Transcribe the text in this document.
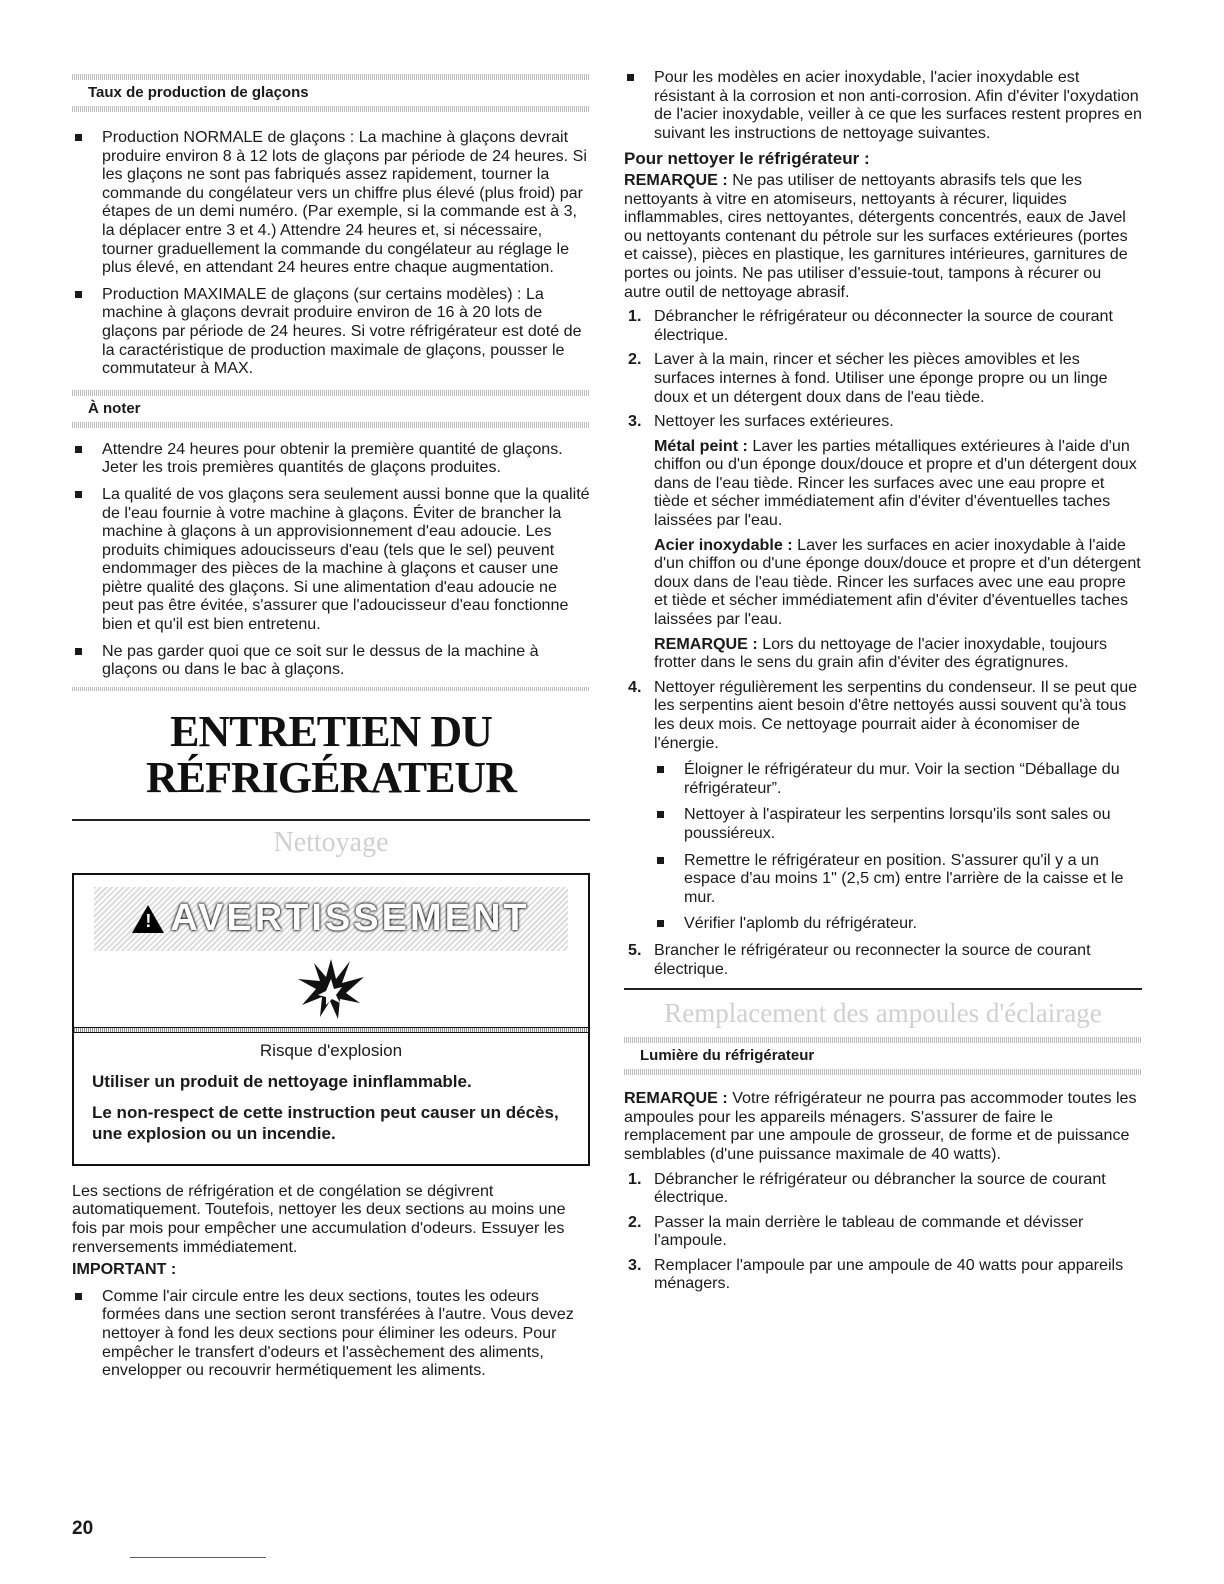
Taux de production de glaçons
Production NORMALE de glaçons : La machine à glaçons devrait produire environ 8 à 12 lots de glaçons par période de 24 heures. Si les glaçons ne sont pas fabriqués assez rapidement, tourner la commande du congélateur vers un chiffre plus élevé (plus froid) par étapes de un demi numéro. (Par exemple, si la commande est à 3, la déplacer entre 3 et 4.) Attendre 24 heures et, si nécessaire, tourner graduellement la commande du congélateur au réglage le plus élevé, en attendant 24 heures entre chaque augmentation.
Production MAXIMALE de glaçons (sur certains modèles) : La machine à glaçons devrait produire environ de 16 à 20 lots de glaçons par période de 24 heures. Si votre réfrigérateur est doté de la caractéristique de production maximale de glaçons, pousser le commutateur à MAX.
À noter
Attendre 24 heures pour obtenir la première quantité de glaçons. Jeter les trois premières quantités de glaçons produites.
La qualité de vos glaçons sera seulement aussi bonne que la qualité de l'eau fournie à votre machine à glaçons. Éviter de brancher la machine à glaçons à un approvisionnement d'eau adoucie. Les produits chimiques adoucisseurs d'eau (tels que le sel) peuvent endommager des pièces de la machine à glaçons et causer une piètre qualité des glaçons. Si une alimentation d'eau adoucie ne peut pas être évitée, s'assurer que l'adoucisseur d'eau fonctionne bien et qu'il est bien entretenu.
Ne pas garder quoi que ce soit sur le dessus de la machine à glaçons ou dans le bac à glaçons.
ENTRETIEN DU
RÉFRIGÉRATEUR
Nettoyage
! AVERTISSEMENT
Risque d'explosion
Utiliser un produit de nettoyage ininflammable.
Le non-respect de cette instruction peut causer un décès, une explosion ou un incendie.

Les sections de réfrigération et de congélation se dégivrent automatiquement. Toutefois, nettoyer les deux sections au moins une fois par mois pour empêcher une accumulation d'odeurs. Essuyer les renversements immédiatement.

IMPORTANT :

Comme l'air circule entre les deux sections, toutes les odeurs formées dans une section seront transférées à l'autre. Vous devez nettoyer à fond les deux sections pour éliminer les odeurs. Pour empêcher le transfert d'odeurs et l'assèchement des aliments, envelopper ou recouvrir hermétiquement les aliments.
Pour les modèles en acier inoxydable, l'acier inoxydable est résistant à la corrosion et non anti-corrosion. Afin d'éviter l'oxydation de l'acier inoxydable, veiller à ce que les surfaces restent propres en suivant les instructions de nettoyage suivantes.

Pour nettoyer le réfrigérateur :

REMARQUE : Ne pas utiliser de nettoyants abrasifs tels que les nettoyants à vitre en atomiseurs, nettoyants à récurer, liquides inflammables, cires nettoyantes, détergents concentrés, eaux de Javel ou nettoyants contenant du pétrole sur les surfaces extérieures (portes et caisse), pièces en plastique, les garnitures intérieures, garnitures de portes ou joints. Ne pas utiliser d'essuie-tout, tampons à récurer ou autre outil de nettoyage abrasif.

1. Débrancher le réfrigérateur ou déconnecter la source de courant électrique.
2. Laver à la main, rincer et sécher les pièces amovibles et les surfaces internes à fond. Utiliser une éponge propre ou un linge doux et un détergent doux dans de l'eau tiède.
3. Nettoyer les surfaces extérieures.

Métal peint : Laver les parties métalliques extérieures à l'aide d'un chiffon ou d'un éponge doux/douce et propre et d'un détergent doux dans de l'eau tiède. Rincer les surfaces avec une eau propre et tiède et sécher immédiatement afin d'éviter d'éventuelles taches laissées par l'eau.

Acier inoxydable : Laver les surfaces en acier inoxydable à l'aide d'un chiffon ou d'une éponge doux/douce et propre et d'un détergent doux dans de l'eau tiède. Rincer les surfaces avec une eau propre et tiède et sécher immédiatement afin d'éviter d'éventuelles taches laissées par l'eau.

REMARQUE : Lors du nettoyage de l'acier inoxydable, toujours frotter dans le sens du grain afin d'éviter des égratignures.

4. Nettoyer régulièrement les serpentins du condenseur. Il se peut que les serpentins aient besoin d'être nettoyés aussi souvent qu'à tous les deux mois. Ce nettoyage pourrait aider à économiser de l'énergie.
Éloigner le réfrigérateur du mur. Voir la section “Déballage du réfrigérateur”.
Nettoyer à l'aspirateur les serpentins lorsqu'ils sont sales ou poussiéreux.
Remettre le réfrigérateur en position. S'assurer qu'il y a un espace d'au moins 1" (2,5 cm) entre l'arrière de la caisse et le mur.
Vérifier l'aplomb du réfrigérateur.
5. Brancher le réfrigérateur ou reconnecter la source de courant électrique.
Remplacement des ampoules d'éclairage
Lumière du réfrigérateur

REMARQUE : Votre réfrigérateur ne pourra pas accommoder toutes les ampoules pour les appareils ménagers. S'assurer de faire le remplacement par une ampoule de grosseur, de forme et de puissance semblables (d'une puissance maximale de 40 watts).

1. Débrancher le réfrigérateur ou débrancher la source de courant électrique.
2. Passer la main derrière le tableau de commande et dévisser l'ampoule.
3. Remplacer l'ampoule par une ampoule de 40 watts pour appareils ménagers.
20
